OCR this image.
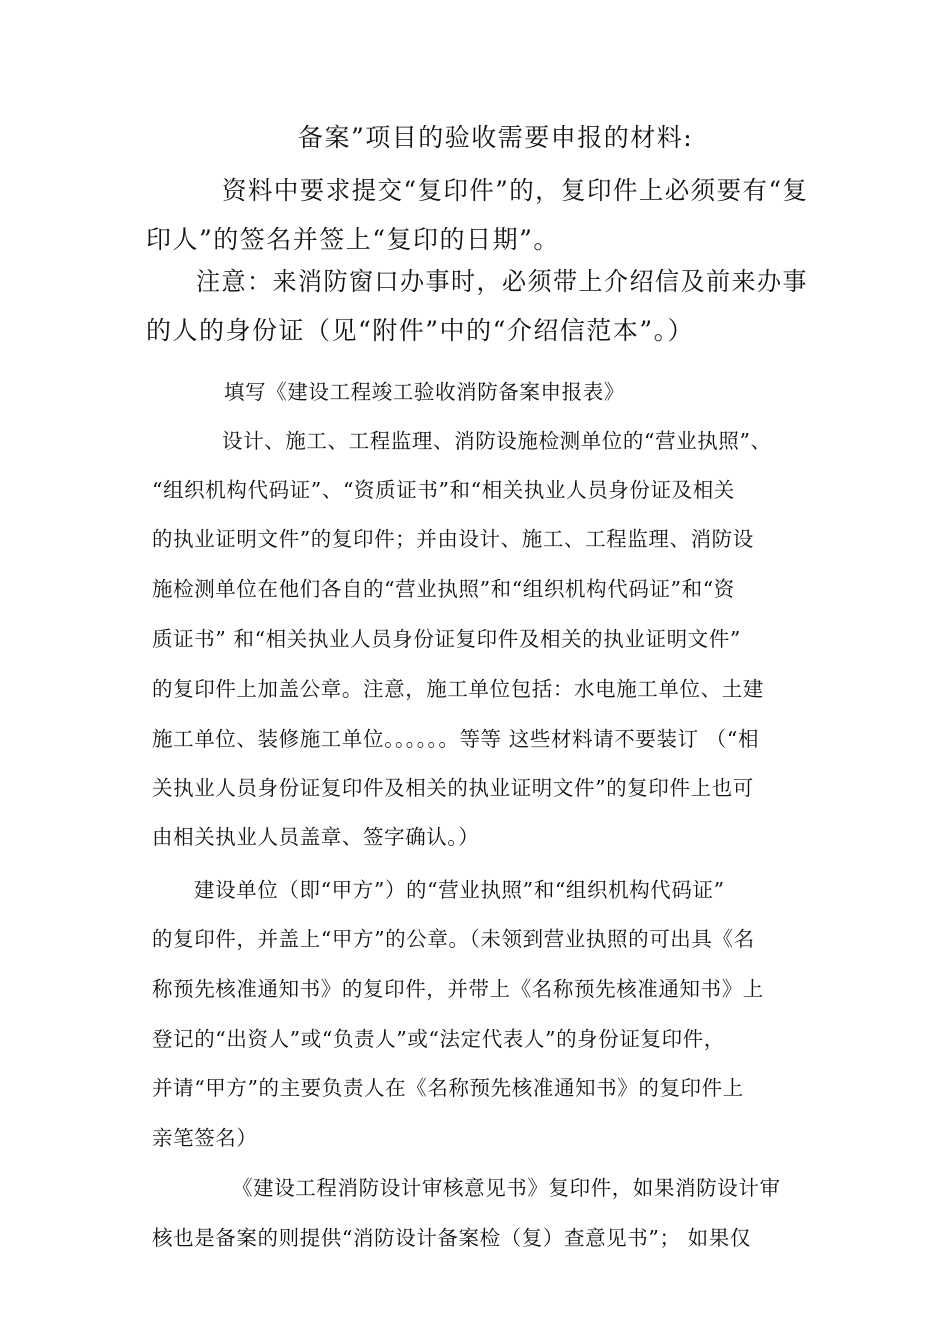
备案”项目的验收需要申报的材料:
资料中要求提交“复印件”的，复印件上必须要有“复
印人”的签名并签上“复印的日期”。
注意：来消防窗口办事时，必须带上介绍信及前来办事
的人的身份证（见“附件”中的“介绍信范本”。）
填写《建设工程竣工验收消防备案申报表》
设计、施工、工程监理、消防设施检测单位的“营业执照”、
“组织机构代码证”、“资质证书”和“相关执业人员身份证及相关
的执业证明文件”的复印件；并由设计、施工、工程监理、消防设
施检测单位在他们各自的“营业执照”和“组织机构代码证”和“资
质证书” 和“相关执业人员身份证复印件及相关的执业证明文件”
的复印件上加盖公章。注意，施工单位包括：水电施工单位、土建
施工单位、装修施工单位。。。。。。等等 这些材料请不要装订 （“相
关执业人员身份证复印件及相关的执业证明文件”的复印件上也可
由相关执业人员盖章、签字确认。）
建设单位（即“甲方”）的“营业执照”和“组织机构代码证”
的复印件，并盖上“甲方”的公章。（未领到营业执照的可出具《名
称预先核准通知书》的复印件，并带上《名称预先核准通知书》上
登记的“出资人”或“负责人”或“法定代表人”的身份证复印件，
并请“甲方”的主要负责人在《名称预先核准通知书》的复印件上
亲笔签名）
《建设工程消防设计审核意见书》复印件，如果消防设计审
核也是备案的则提供“消防设计备案检（复）查意见书”； 如果仅
